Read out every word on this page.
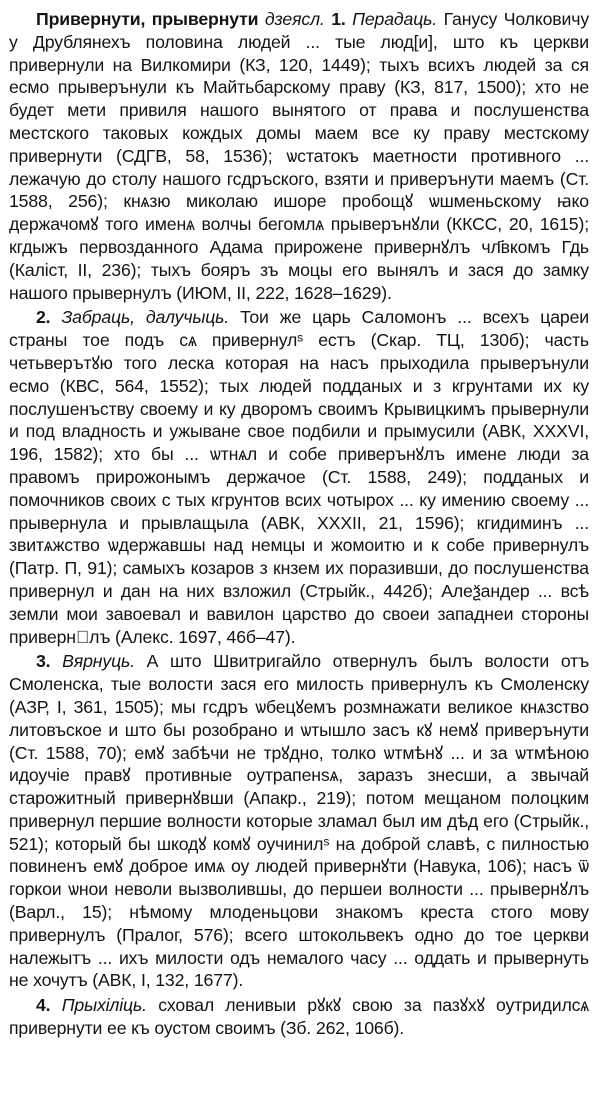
Привернути, прывернути дзеясл. 1. Перадаць. Ганусу Чолковичу у Друблянехъ половина людей ... тые люд[и], што къ церкви привернули на Вилкомири (КЗ, 120, 1449); тыхъ всихъ людей за ся есмо прыверънули къ Майтьбарскому праву (КЗ, 817, 1500); хто не будет мети привиля нашого вынятого от права и послушенства местского таковых кождых домы маем все ку праву местскому привернути (СДГВ, 58, 1536); ѡстатокъ маетности противного ... лежачую до столу нашого гсдръского, взяти и приверънути маемъ (Ст. 1588, 256); кнѧзю миколаю ишоре пробощꙋ ѡшменьскому ꙗко держачомꙋ того именѧ волчы бегомлѧ прыверънꙋли (ККСС, 20, 1615); кгдыжъ первозданного Адама прирожене привернꙋлъ чл҃вкомъ Гдь (Каліст, II, 236); тыхъ бояръ зъ моцы его вынялъ и зася до замку нашого прывернулъ (ИЮМ, II, 222, 1628–1629).

2. Забраць, далучыць. Тои же царь Саломонъ ... всехъ цареи страны тое подъ сѧ привернулˢ естъ (Скар. ТЦ, 130б); часть четьверътꙋю того леска которая на насъ прыходила прыверънули есмо (КВС, 564, 1552); тых людей подданых и з кгрунтами их ку послушенъству своему и ку дворомъ своимъ Крывицкимъ прывернули и под владность и ужыване свое подбили и прымусили (АВК, XXXVI, 196, 1582); хто бы ... ѡтнѧл и собе приверънꙋлъ имене люди за правомъ прирожонымъ держачое (Ст. 1588, 249); подданых и помочников своих с тых кгрунтов всих чотырох ... ку имению своему ... прывернула и прывлащыла (АВК, XXXII, 21, 1596); кгидиминъ ... звитѧжство ѡдержавшы над немцы и жомоитю и к собе привернулъ (Патр. П, 91); самыхъ козаров з кнзем их поразивши, до послушенства привернул и дан на них взложил (Стрыйк., 442б); Алеѯандер ... всѣ земли мои завоевал и вавилон царство до своеи западнеи стороны приверн꙽лъ (Алекс. 1697, 46б–47).

3. Вярнуць. А што Швитригайло отвернулъ былъ волости отъ Смоленска, тые волости зася его милость привернулъ къ Смоленску (АЗР, I, 361, 1505); мы гсдръ ѡбецꙋемъ розмнажати великое кнѧзство литовъское и што бы розобрано и ѡтышло засъ кꙋ немꙋ приверънути (Ст. 1588, 70); емꙋ забѣчи не трꙋдно, толко ѡтмѣнꙋ ... и за ѡтмѣною идоучіе правꙋ противные оутрапенѕѧ, заразъ знесши, а звычай старожитный привернꙋвши (Апакр., 219); потом мещаном полоцким привернул першие волности которые зламал был им дѣд его (Стрыйк., 521); который бы шкодꙋ комꙋ оучинилˢ на доброй славѣ, с пилностью повиненъ емꙋ доброе имѧ оу людей привернꙋти (Навука, 106); насъ ѿ горкои ѡнои неволи вызволившы, до першеи волности ... прывернꙋлъ (Варл., 15); нѣмому млоденьцови знакомъ креста стого мову привернулъ (Пралог, 576); всего штокольвекъ одно до тое церкви належытъ ... ихъ милости одъ немалого часу ... оддать и прывернуть не хочутъ (АВК, I, 132, 1677).

4. Прыхіліць. сховал ленивыи рꙋкꙋ свою за пазꙋхꙋ оутридилсѧ привернути ее къ оустом своимъ (Зб. 262, 106б).
